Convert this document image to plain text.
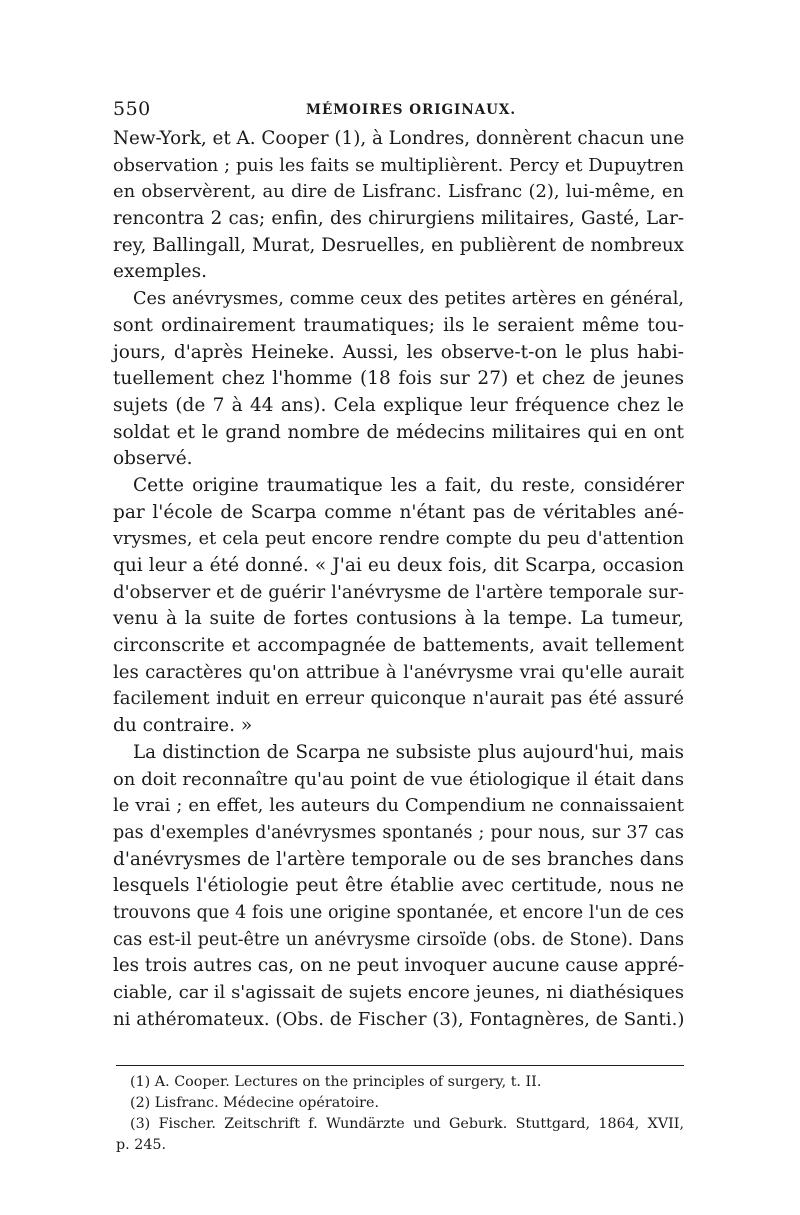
550	MÉMOIRES ORIGINAUX.
New-York, et A. Cooper (1), à Londres, donnèrent chacun une
observation ; puis les faits se multiplièrent. Percy et Dupuytren
en observèrent, au dire de Lisfranc. Lisfranc (2), lui-même, en
rencontra 2 cas; enfin, des chirurgiens militaires, Gasté, Lar-
rey, Ballingall, Murat, Desruelles, en publièrent de nombreux
exemples.
Ces anévrysmes, comme ceux des petites artères en général,
sont ordinairement traumatiques; ils le seraient même tou-
jours, d'après Heineke. Aussi, les observe-t-on le plus habi-
tuellement chez l'homme (18 fois sur 27) et chez de jeunes
sujets (de 7 à 44 ans). Cela explique leur fréquence chez le
soldat et le grand nombre de médecins militaires qui en ont
observé.
Cette origine traumatique les a fait, du reste, considérer
par l'école de Scarpa comme n'étant pas de véritables ané-
vrysmes, et cela peut encore rendre compte du peu d'attention
qui leur a été donné. « J'ai eu deux fois, dit Scarpa, occasion
d'observer et de guérir l'anévrysme de l'artère temporale sur-
venu à la suite de fortes contusions à la tempe. La tumeur,
circonscrite et accompagnée de battements, avait tellement
les caractères qu'on attribue à l'anévrysme vrai qu'elle aurait
facilement induit en erreur quiconque n'aurait pas été assuré
du contraire. »
La distinction de Scarpa ne subsiste plus aujourd'hui, mais
on doit reconnaître qu'au point de vue étiologique il était dans
le vrai ; en effet, les auteurs du Compendium ne connaissaient
pas d'exemples d'anévrysmes spontanés ; pour nous, sur 37 cas
d'anévrysmes de l'artère temporale ou de ses branches dans
lesquels l'étiologie peut être établie avec certitude, nous ne
trouvons que 4 fois une origine spontanée, et encore l'un de ces
cas est-il peut-être un anévrysme cirsoïde (obs. de Stone). Dans
les trois autres cas, on ne peut invoquer aucune cause appré-
ciable, car il s'agissait de sujets encore jeunes, ni diathésiques
ni athéromateux. (Obs. de Fischer (3), Fontagnères, de Santi.)
(1) A. Cooper. Lectures on the principles of surgery, t. II.
(2) Lisfranc. Médecine opératoire.
(3) Fischer. Zeitschrift f. Wundärzte und Geburk. Stuttgard, 1864, XVII,
p. 245.
